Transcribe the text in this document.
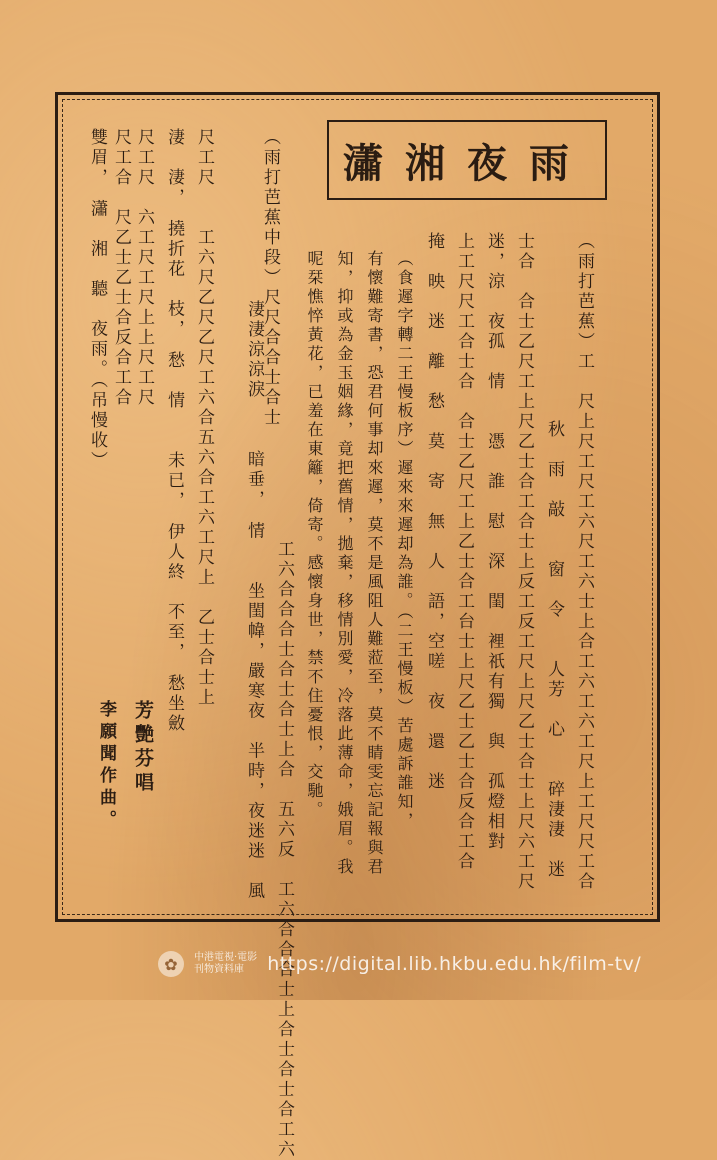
瀟湘夜雨
（雨打芭蕉）工　尺上尺工尺工六尺工六士上合工六工六工尺上工尺尺工合
秋　雨　敲　　窗　令　　人芳　心　　碎淒淒　迷
士合　合士乙尺工上尺乙士合工合士上反工反工尺上尺乙士合士上尺六工尺
迷，涼　夜孤　情　　憑　誰　慰　深　閨　裡祇有獨　與　孤燈相對
上工尺尺工合士合　合士乙尺工上乙士合工台士上尺乙士乙士合反合工合
掩　映　迷　離　愁　莫　寄　無　人　語，空嗟　夜　還　迷
（食遲字轉二王慢板序）遲來來遲却為誰。（二王慢板）苦處訴誰知，
有懷難寄書，恐君何事却來遲，莫不是風阻人難蒞至，莫不睛雯忘記報與君
知，抑或為金玉姻緣，竟把舊情，拋棄，移情別愛，冷落此薄命，娥眉。我
呢栞憔悴黃花，已羞在東籬，倚寄。感懷身世，禁不住憂恨，交馳。
工六合合合士合士合士上合　五六反　工六合合合士上合士合士合工六
暗垂，　情　　坐閨幃，嚴寒夜　半時，夜迷迷　風
淒淒涼涼淚
（雨打芭蕉中段）尺尺合合士合士
尺工尺　　工六尺乙尺乙尺工六合五六合工六工尺上　乙士合士上
淒　淒，　撓折花　枝，　愁　情　　未已，　伊人終　不至，　愁坐斂
尺工尺　六工尺工尺上上尺工尺
尺工合　尺乙士乙士合反合工合
雙眉，　瀟　湘　聽　夜雨。（吊慢收）
芳艷芬唱
李願聞作曲。
✿	中港電視‧電影
刊物資料庫	https://digital.lib.hkbu.edu.hk/film-tv/
